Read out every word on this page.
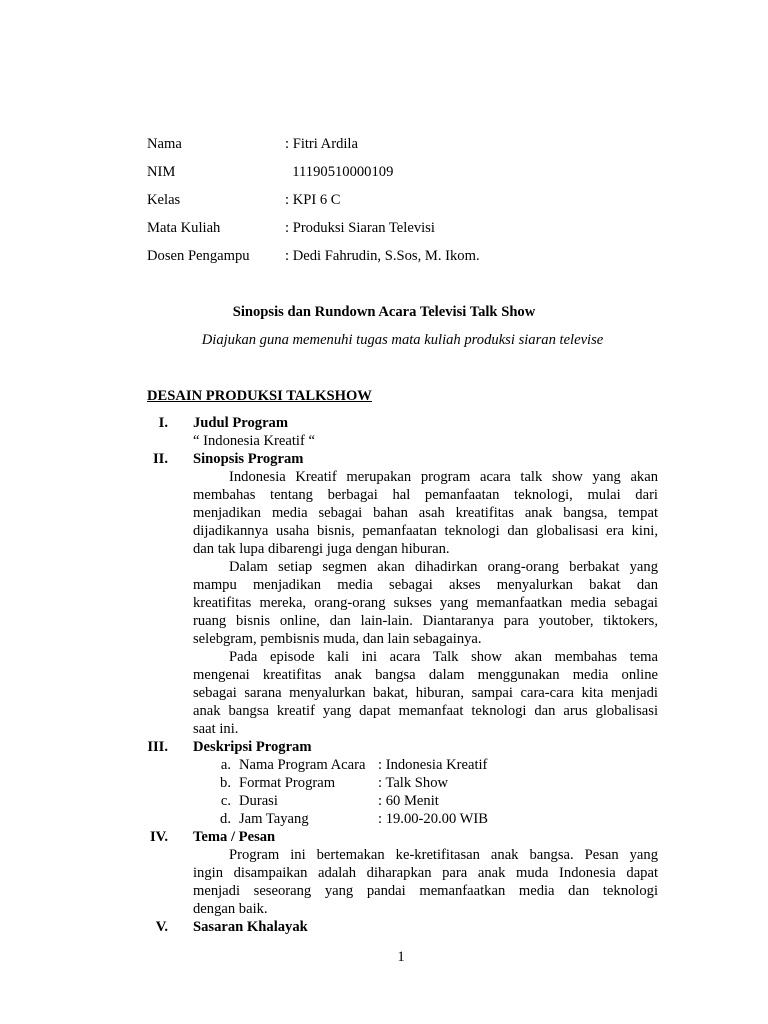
Nama	: Fitri Ardila
NIM	11190510000109
Kelas	: KPI 6 C
Mata Kuliah	: Produksi Siaran Televisi
Dosen Pengampu : Dedi Fahrudin, S.Sos, M. Ikom.
Sinopsis dan Rundown Acara Televisi Talk Show
Diajukan guna memenuhi tugas mata kuliah produksi siaran televise
DESAIN PRODUKSI TALKSHOW
I. Judul Program
“ Indonesia Kreatif “
II. Sinopsis Program
Indonesia Kreatif merupakan program acara talk show yang akan
membahas tentang berbagai hal pemanfaatan teknologi, mulai dari
menjadikan media sebagai bahan asah kreatifitas anak bangsa, tempat
dijadikannya usaha bisnis, pemanfaatan teknologi dan globalisasi era kini,
dan tak lupa dibarengi juga dengan hiburan.
Dalam setiap segmen akan dihadirkan orang-orang berbakat yang
mampu menjadikan media sebagai akses menyalurkan bakat dan
kreatifitas mereka, orang-orang sukses yang memanfaatkan media sebagai
ruang bisnis online, dan lain-lain. Diantaranya para youtober, tiktokers,
selebgram, pembisnis muda, dan lain sebagainya.
Pada episode kali ini acara Talk show akan membahas tema
mengenai kreatifitas anak bangsa dalam menggunakan media online
sebagai sarana menyalurkan bakat, hiburan, sampai cara-cara kita menjadi
anak bangsa kreatif yang dapat memanfaat teknologi dan arus globalisasi
saat ini.
III. Deskripsi Program
a. Nama Program Acara : Indonesia Kreatif
b. Format Program	: Talk Show
c. Durasi	: 60 Menit
d. Jam Tayang	: 19.00-20.00 WIB
IV. Tema / Pesan
Program ini bertemakan ke-kretifitasan anak bangsa. Pesan yang
ingin disampaikan adalah diharapkan para anak muda Indonesia dapat
menjadi seseorang yang pandai memanfaatkan media dan teknologi
dengan baik.
V. Sasaran Khalayak
1
